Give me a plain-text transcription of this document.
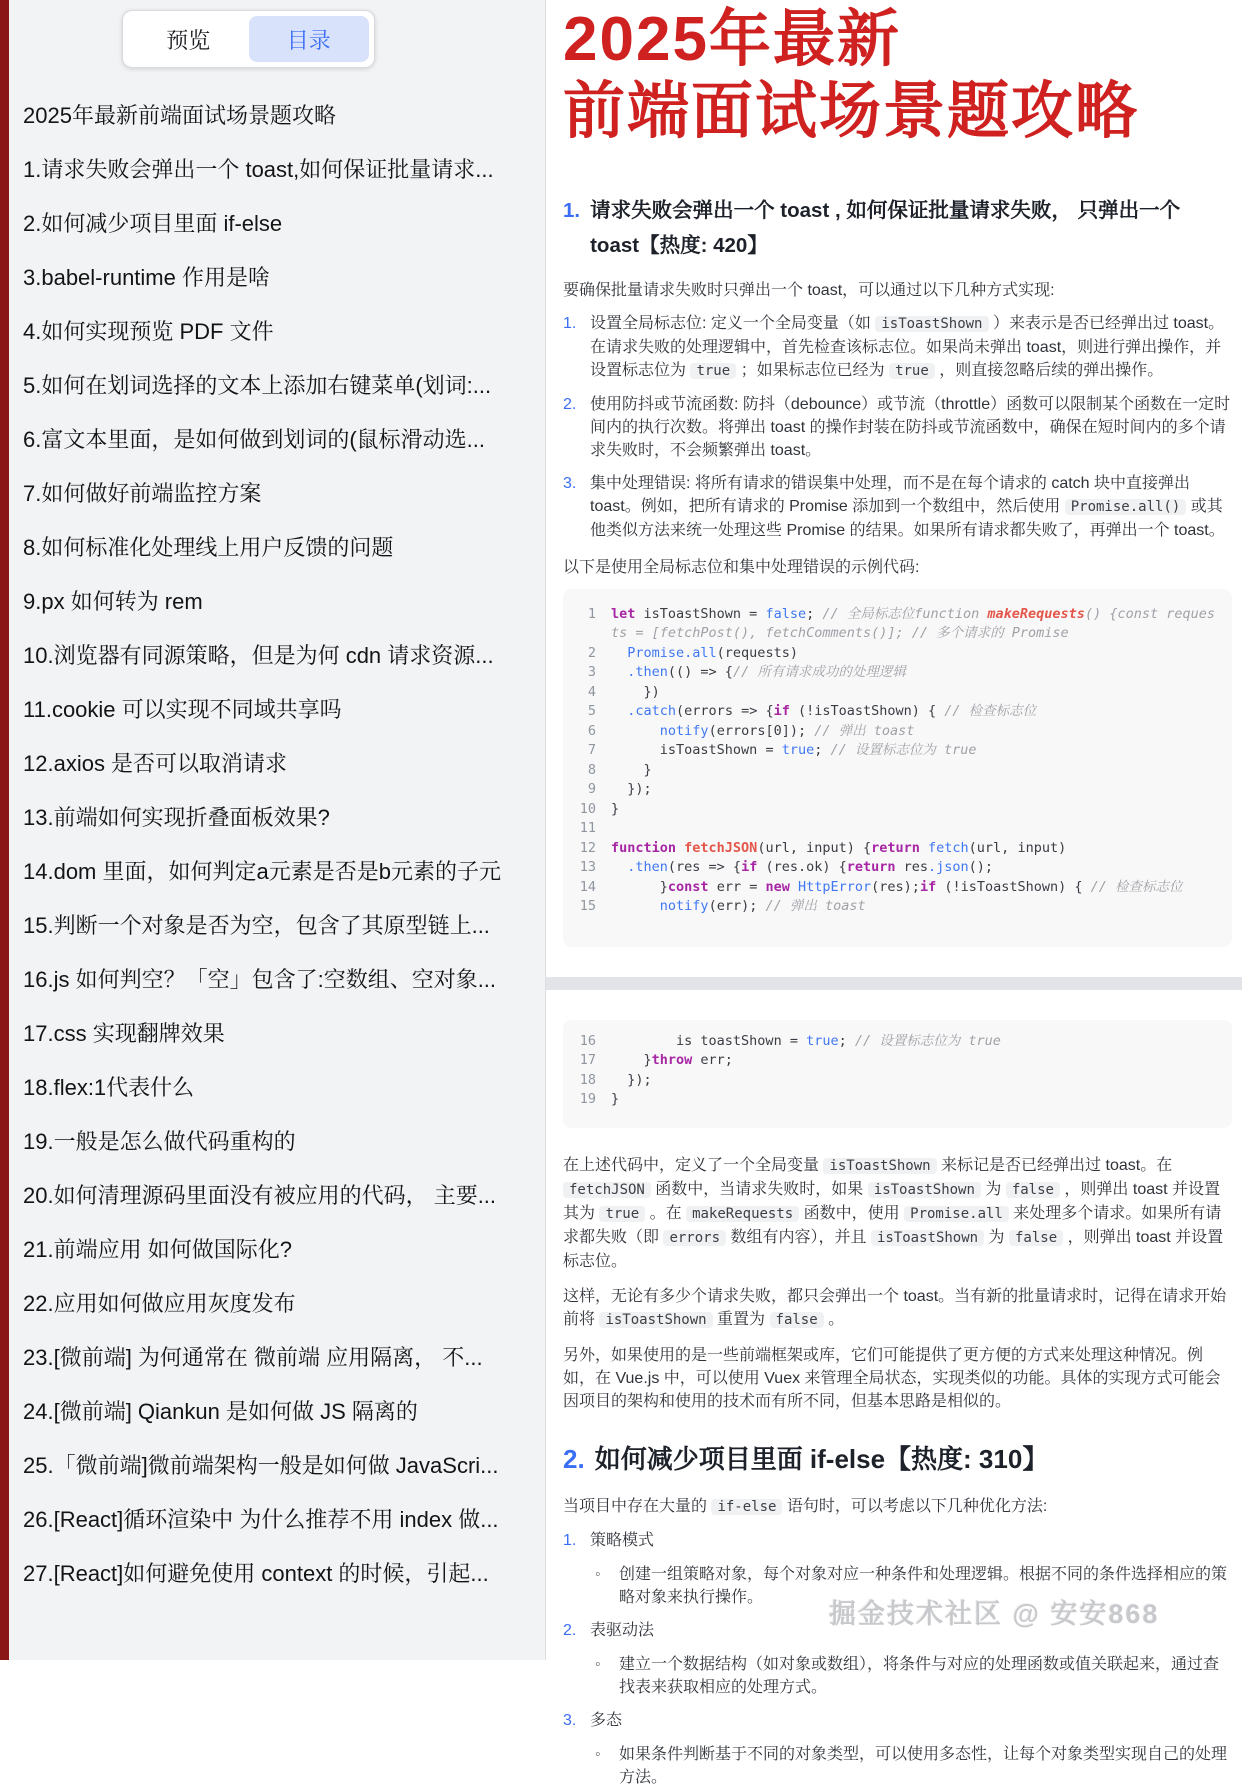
预览	目录
2025年最新前端面试场景题攻略
1.请求失败会弹出一个 toast,如何保证批量请求...
2.如何减少项目里面 if-else
3.babel-runtime 作用是啥
4.如何实现预览 PDF 文件
5.如何在划词选择的文本上添加右键菜单(划词:...
6.富文本里面，是如何做到划词的(鼠标滑动选...
7.如何做好前端监控方案
8.如何标准化处理线上用户反馈的问题
9.px 如何转为 rem
10.浏览器有同源策略，但是为何 cdn 请求资源...
11.cookie 可以实现不同域共享吗
12.axios 是否可以取消请求
13.前端如何实现折叠面板效果?
14.dom 里面，如何判定a元素是否是b元素的子元
15.判断一个对象是否为空，包含了其原型链上...
16.js 如何判空？「空」包含了:空数组、空对象...
17.css 实现翻牌效果
18.flex:1代表什么
19.一般是怎么做代码重构的
20.如何清理源码里面没有被应用的代码， 主要...
21.前端应用 如何做国际化?
22.应用如何做应用灰度发布
23.[微前端] 为何通常在 微前端 应用隔离， 不...
24.[微前端] Qiankun 是如何做 JS 隔离的
25.「微前端]微前端架构一般是如何做 JavaScri...
26.[React]循环渲染中 为什么推荐不用 index 做...
27.[React]如何避免使用 context 的时候，引起...
2025年最新
前端面试场景题攻略
1. 请求失败会弹出一个 toast , 如何保证批量请求失败， 只弹出一个 toast【热度: 420】

要确保批量请求失败时只弹出一个 toast，可以通过以下几种方式实现:

1. 设置全局标志位: 定义一个全局变量（如 isToastShown ）来表示是否已经弹出过 toast。在请求失败的处理逻辑中，首先检查该标志位。如果尚未弹出 toast，则进行弹出操作，并设置标志位为 true ；如果标志位已经为 true ，则直接忽略后续的弹出操作。
2. 使用防抖或节流函数: 防抖（debounce）或节流（throttle）函数可以限制某个函数在一定时间内的执行次数。将弹出 toast 的操作封装在防抖或节流函数中，确保在短时间内的多个请求失败时，不会频繁弹出 toast。
3. 集中处理错误: 将所有请求的错误集中处理，而不是在每个请求的 catch 块中直接弹出 toast。例如，把所有请求的 Promise 添加到一个数组中，然后使用 Promise.all() 或其他类似方法来统一处理这些 Promise 的结果。如果所有请求都失败了，再弹出一个 toast。

以下是使用全局标志位和集中处理错误的示例代码:

1	let isToastShown = false; // 全局标志位function makeRequests() {const requests = [fetchPost(), fetchComments()]; // 多个请求的 Promise
2	Promise.all(requests)
3	.then(() => {// 所有请求成功的处理逻辑
4	})
5	.catch(errors => {if (!isToastShown) { // 检查标志位
6	notify(errors[0]); // 弹出 toast
7	isToastShown = true; // 设置标志位为 true
8	}
9	});
10	}
11
12	function fetchJSON(url, input) {return fetch(url, input)
13	.then(res => {if (res.ok) {return res.json();
14	}const err = new HttpError(res);if (!isToastShown) { // 检查标志位
15	notify(err); // 弹出 toast
16	is toastShown = true; // 设置标志位为 true
17	}throw err;
18	});
19	}

在上述代码中，定义了一个全局变量 isToastShown 来标记是否已经弹出过 toast。在 fetchJSON 函数中，当请求失败时，如果 isToastShown 为 false ，则弹出 toast 并设置其为 true 。在 makeRequests 函数中，使用 Promise.all 来处理多个请求。如果所有请求都失败（即 errors 数组有内容），并且 isToastShown 为 false ，则弹出 toast 并设置标志位。

这样，无论有多少个请求失败，都只会弹出一个 toast。当有新的批量请求时，记得在请求开始前将 isToastShown 重置为 false 。

另外，如果使用的是一些前端框架或库，它们可能提供了更方便的方式来处理这种情况。例如，在 Vue.js 中，可以使用 Vuex 来管理全局状态，实现类似的功能。具体的实现方式可能会因项目的架构和使用的技术而有所不同，但基本思路是相似的。

2. 如何减少项目里面 if-else【热度: 310】

当项目中存在大量的 if-else 语句时，可以考虑以下几种优化方法:

1. 策略模式
◦	创建一组策略对象，每个对象对应一种条件和处理逻辑。根据不同的条件选择相应的策略对象来执行操作。
2. 表驱动法
◦	建立一个数据结构（如对象或数组），将条件与对应的处理函数或值关联起来，通过查找表来获取相应的处理方式。
3. 多态
◦	如果条件判断基于不同的对象类型，可以使用多态性，让每个对象类型实现自己的处理方法。
掘金技术社区 @ 安安868
